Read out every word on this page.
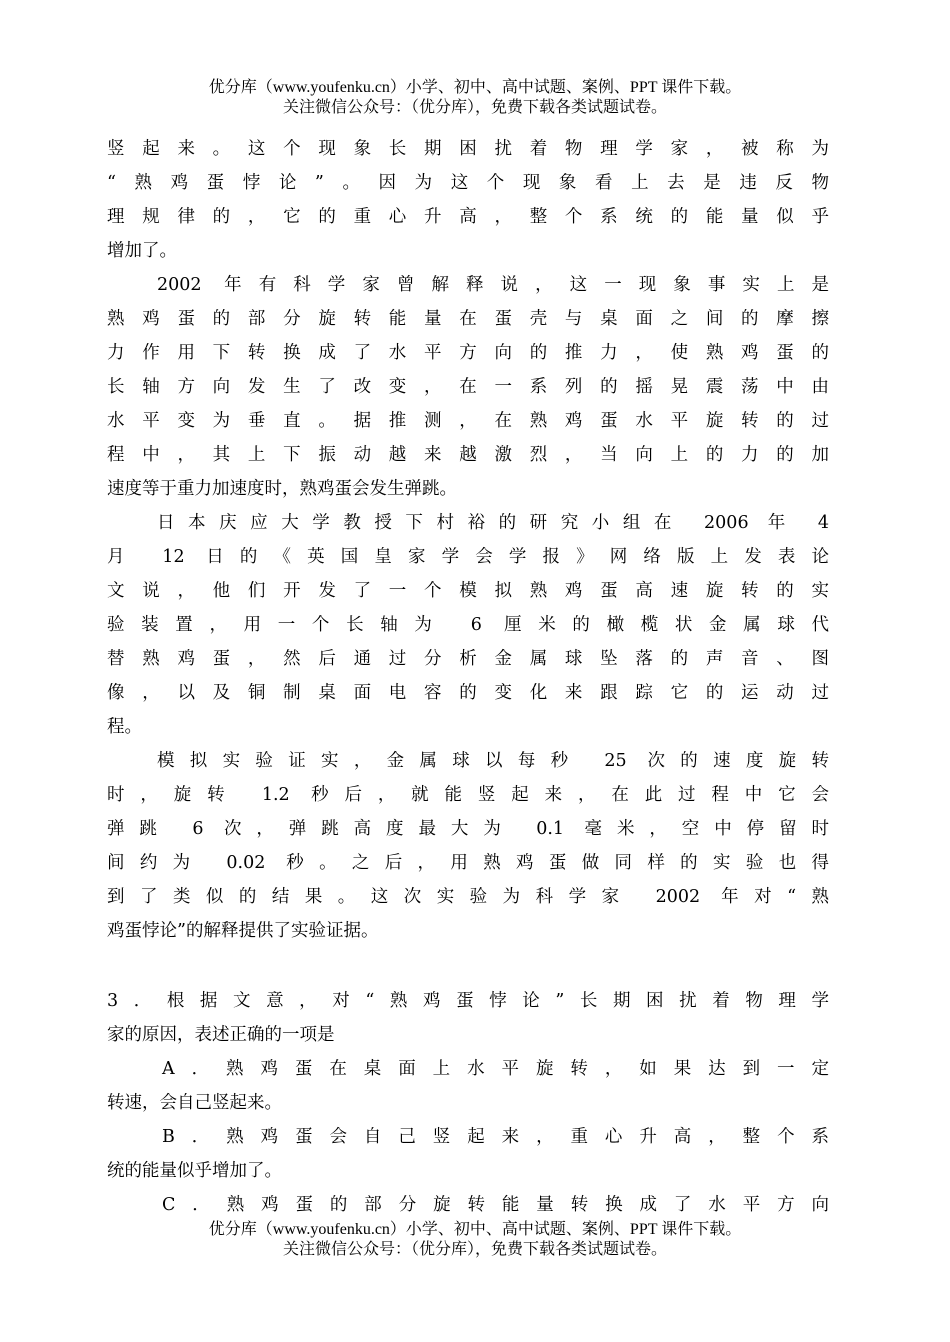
优分库（www.youfenku.cn）小学、初中、高中试题、案例、PPT 课件下载。
关注微信公众号：（优分库），免费下载各类试题试卷。
竖起来。这个现象长期困扰着物理学家，被称为
“熟鸡蛋悖论”。因为这个现象看上去是违反物
理规律的，它的重心升高，整个系统的能量似乎
增加了。
2002 年有科学家曾解释说，这一现象事实上是
熟鸡蛋的部分旋转能量在蛋壳与桌面之间的摩擦
力作用下转换成了水平方向的推力，使熟鸡蛋的
长轴方向发生了改变，在一系列的摇晃震荡中由
水平变为垂直。据推测，在熟鸡蛋水平旋转的过
程中，其上下振动越来越激烈，当向上的力的加
速度等于重力加速度时，熟鸡蛋会发生弹跳。
日本庆应大学教授下村裕的研究小组在 2006 年 4
月 12 日的《英国皇家学会学报》网络版上发表论
文说，他们开发了一个模拟熟鸡蛋高速旋转的实
验装置，用一个长轴为 6 厘米的橄榄状金属球代
替熟鸡蛋，然后通过分析金属球坠落的声音、图
像，以及铜制桌面电容的变化来跟踪它的运动过
程。
模拟实验证实，金属球以每秒 25 次的速度旋转
时，旋转 1.2 秒后，就能竖起来，在此过程中它会
弹跳 6 次，弹跳高度最大为 0.1 毫米，空中停留时
间约为 0.02 秒。之后，用熟鸡蛋做同样的实验也得
到了类似的结果。这次实验为科学家 2002 年对“熟
鸡蛋悖论”的解释提供了实验证据。
3．根据文意，对“熟鸡蛋悖论”长期困扰着物理学
家的原因，表述正确的一项是
A．熟鸡蛋在桌面上水平旋转，如果达到一定
转速，会自己竖起来。
B．熟鸡蛋会自己竖起来，重心升高，整个系
统的能量似乎增加了。
C．熟鸡蛋的部分旋转能量转换成了水平方向
优分库（www.youfenku.cn）小学、初中、高中试题、案例、PPT 课件下载。
关注微信公众号：（优分库），免费下载各类试题试卷。
